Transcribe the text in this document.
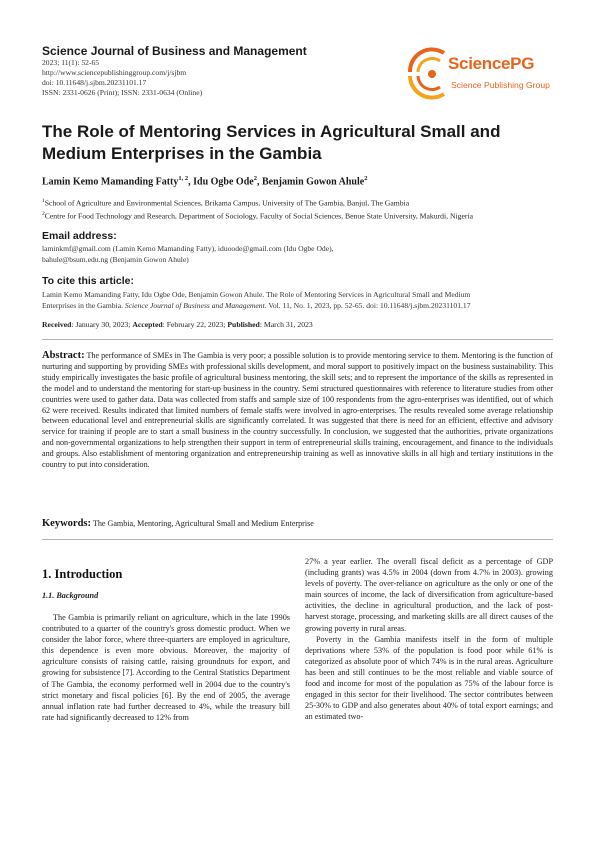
Science Journal of Business and Management
2023; 11(1): 52-65
http://www.sciencepublishinggroup.com/j/sjbm
doi: 10.11648/j.sjbm.20231101.17
ISSN: 2331-0626 (Print); ISSN: 2331-0634 (Online)
SciencePG
Science Publishing Group
The Role of Mentoring Services in Agricultural Small and Medium Enterprises in the Gambia
Lamin Kemo Mamanding Fatty$^{1, 2}$, Idu Ogbe Ode$^2$, Benjamin Gowon Ahule$^2$
$^1$School of Agriculture and Environmental Sciences, Brikama Campus, University of The Gambia, Banjul, The Gambia
$^2$Centre for Food Technology and Research, Department of Sociology, Faculty of Social Sciences, Benue State University, Makurdi, Nigeria
Email address:
laminkmf@gmail.com (Lamin Kemo Mamanding Fatty), iduoode@gmail.com (Idu Ogbe Ode),
bahule@bsum.edu.ng (Benjamin Gowon Ahule)
To cite this article:
Lamin Kemo Mamanding Fatty, Idu Ogbe Ode, Benjamin Gowon Ahule. The Role of Mentoring Services in Agricultural Small and Medium
Enterprises in the Gambia. Science Journal of Business and Management. Vol. 11, No. 1, 2023, pp. 52-65. doi: 10.11648/j.sjbm.20231101.17
Received: January 30, 2023; Accepted: February 22, 2023; Published: March 31, 2023
Abstract: The performance of SMEs in The Gambia is very poor; a possible solution is to provide mentoring service to them. Mentoring is the function of nurturing and supporting by providing SMEs with professional skills development, and moral support to positively impact on the business sustainability. This study empirically investigates the basic profile of agricultural business mentoring, the skill sets; and to represent the importance of the skills as represented in the model and to understand the mentoring for start-up business in the country. Semi structured questionnaires with reference to literature studies from other countries were used to gather data. Data was collected from staffs and sample size of 100 respondents from the agro-enterprises was identified, out of which 62 were received. Results indicated that limited numbers of female staffs were involved in agro-enterprises. The results revealed some average relationship between educational level and entrepreneurial skills are significantly correlated. It was suggested that there is need for an efficient, effective and advisory service for training if people are to start a small business in the country successfully. In conclusion, we suggested that the authorities, private organizations and non-governmental organizations to help strengthen their support in term of entrepreneurial skills training, encouragement, and finance to the individuals and groups. Also establishment of mentoring organization and entrepreneurship training as well as innovative skills in all high and tertiary institutions in the country to put into consideration.
Keywords: The Gambia, Mentoring, Agricultural Small and Medium Enterprise
1. Introduction
1.1. Background

The Gambia is primarily reliant on agriculture, which in the late 1990s contributed to a quarter of the country's gross domestic product. When we consider the labor force, where three-quarters are employed in agriculture, this dependence is even more obvious. Moreover, the majority of agriculture consists of raising cattle, raising groundnuts for export, and growing for subsistence [7]. According to the Central Statistics Department of The Gambia, the economy performed well in 2004 due to the country's strict monetary and fiscal policies [6]. By the end of 2005, the average annual inflation rate had further decreased to 4%, while the treasury bill rate had significantly decreased to 12% from

27% a year earlier. The overall fiscal deficit as a percentage of GDP (including grants) was 4.5% in 2004 (down from 4.7% in 2003). growing levels of poverty. The over-reliance on agriculture as the only or one of the main sources of income, the lack of diversification from agriculture-based activities, the decline in agricultural production, and the lack of post-harvest storage, processing, and marketing skills are all direct causes of the growing poverty in rural areas.

Poverty in the Gambia manifests itself in the form of multiple deprivations where 53% of the population is food poor while 61% is categorized as absolute poor of which 74% is in the rural areas. Agriculture has been and still continues to be the most reliable and viable source of food and income for most of the population as 75% of the labour force is engaged in this sector for their livelihood. The sector contributes between 25-30% to GDP and also generates about 40% of total export earnings; and an estimated two-
